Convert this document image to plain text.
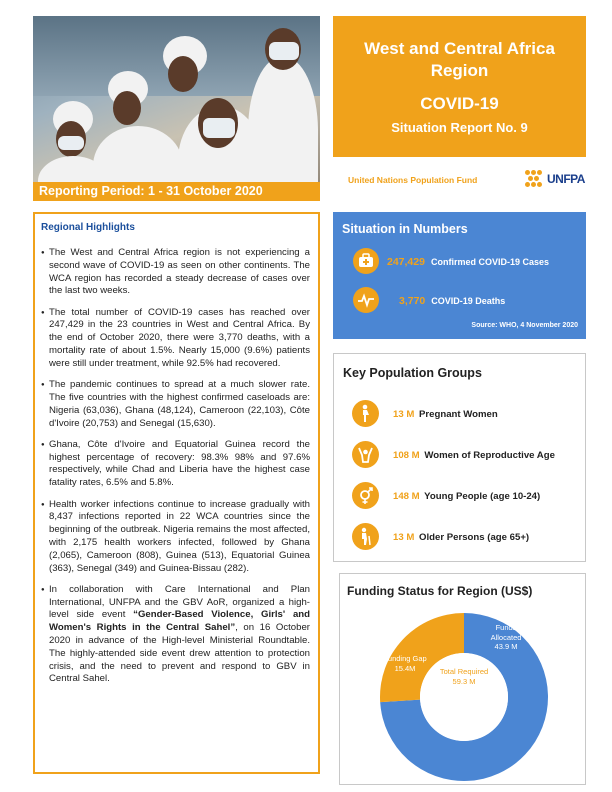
Reporting Period: 1 - 31 October 2020
West and Central Africa
Region
COVID-19
Situation Report No. 9
United Nations Population Fund	UNFPA
Regional Highlights
● The West and Central Africa region is not experiencing a second wave of COVID-19 as seen on other continents. The WCA region has recorded a steady decrease of cases over the last two weeks.
● The total number of COVID-19 cases has reached over 247,429 in the 23 countries in West and Central Africa. By the end of October 2020, there were 3,770 deaths, with a mortality rate of about 1.5%. Nearly 15,000 (9.6%) patients were still under treatment, while 92.5% had recovered.
● The pandemic continues to spread at a much slower rate. The five countries with the highest confirmed caseloads are: Nigeria (63,036), Ghana (48,124), Cameroon (22,103), Côte d'Ivoire (20,753) and Senegal (15,630).
● Ghana, Côte d'Ivoire and Equatorial Guinea record the highest percentage of recovery: 98.3% 98% and 97.6% respectively, while Chad and Liberia have the highest case fatality rates, 6.5% and 5.8%.
● Health worker infections continue to increase gradually with 8,437 infections reported in 22 WCA countries since the beginning of the outbreak. Nigeria remains the most affected, with 2,175 health workers infected, followed by Ghana (2,065), Cameroon (808), Guinea (513), Equatorial Guinea (363), Senegal (349) and Guinea-Bissau (282).
● In collaboration with Care International and Plan International, UNFPA and the GBV AoR, organized a high-level side event “Gender-Based Violence, Girls' and Women's Rights in the Central Sahel”, on 16 October 2020 in advance of the High-level Ministerial Roundtable. The highly-attended side event drew attention to protection crisis, and the need to prevent and respond to GBV in Central Sahel.
Situation in Numbers
247,429 Confirmed COVID-19 Cases
3,770 COVID-19 Deaths
Source: WHO, 4 November 2020
Key Population Groups
13 M Pregnant Women
108 M Women of Reproductive Age
148 M Young People (age 10-24)
13 M Older Persons (age 65+)
Funding Status for Region (US$)
Funds Allocated
43.9 M
Funding Gap
15.4M	Total Required
59.3 M
